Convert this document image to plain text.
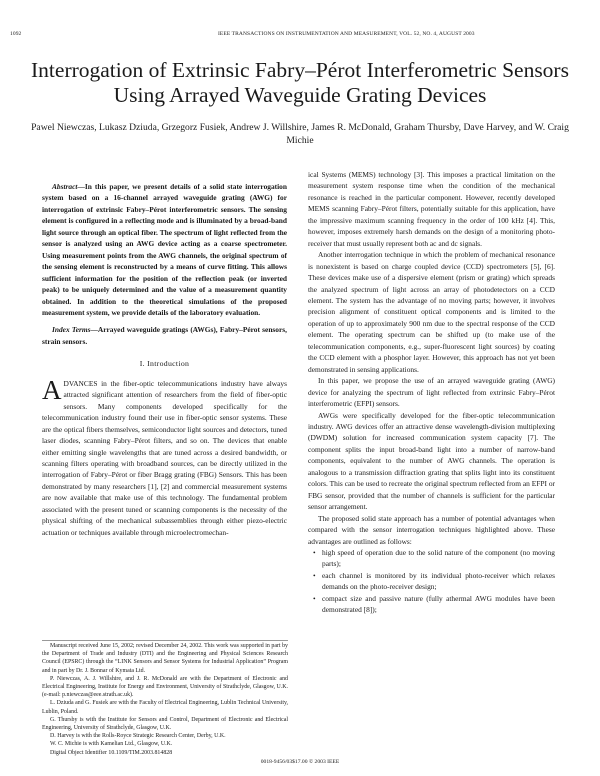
1092	IEEE TRANSACTIONS ON INSTRUMENTATION AND MEASUREMENT, VOL. 52, NO. 4, AUGUST 2003
Interrogation of Extrinsic Fabry–Pérot Interferometric Sensors Using Arrayed Waveguide Grating Devices
Pawel Niewczas, Lukasz Dziuda, Grzegorz Fusiek, Andrew J. Willshire, James R. McDonald, Graham Thursby, Dave Harvey, and W. Craig Michie

Abstract—In this paper, we present details of a solid state interrogation system based on a 16-channel arrayed waveguide grating (AWG) for interrogation of extrinsic Fabry–Pérot interferometric sensors. The sensing element is configured in a reflecting mode and is illuminated by a broad-band light source through an optical fiber. The spectrum of light reflected from the sensor is analyzed using an AWG device acting as a coarse spectrometer. Using measurement points from the AWG channels, the original spectrum of the sensing element is reconstructed by a means of curve fitting. This allows sufficient information for the position of the reflection peak (or inverted peak) to be uniquely determined and the value of a measurement quantity obtained. In addition to the theoretical simulations of the proposed measurement system, we provide details of the laboratory evaluation.

Index Terms—Arrayed waveguide gratings (AWGs), Fabry–Pérot sensors, strain sensors.

I. Introduction

ADVANCES in the fiber-optic telecommunications industry have always attracted significant attention of researchers from the field of fiber-optic sensors. Many components developed specifically for the telecommunication industry found their use in fiber-optic sensor systems. These are the optical fibers themselves, semiconductor light sources and detectors, tuned laser diodes, scanning Fabry–Pérot filters, and so on. The devices that enable either emitting single wavelengths that are tuned across a desired bandwidth, or scanning filters operating with broadband sources, can be directly utilized in the interrogation of Fabry–Pérot or fiber Bragg grating (FBG) Sensors. This has been demonstrated by many researchers [1], [2] and commercial measurement systems are now available that make use of this technology. The fundamental problem associated with the present tuned or scanning components is the necessity of the physical shifting of the mechanical subassemblies through either piezo-electric actuation or techniques available through microelectromechan-

Manuscript received June 15, 2002; revised December 24, 2002. This work was supported in part by the Department of Trade and Industry (DTI) and the Engineering and Physical Sciences Research Council (EPSRC) through the “LINK Sensors and Sensor Systems for Industrial Application” Program and in part by Dr. J. Bonnar of Kymata Ltd.

P. Niewczas, A. J. Willshire, and J. R. McDonald are with the Department of Electronic and Electrical Engineering, Institute for Energy and Environment, University of Strathclyde, Glasgow, U.K. (e-mail: p.niewczas@eee.strath.ac.uk).

L. Dziuda and G. Fusiek are with the Faculty of Electrical Engineering, Lublin Technical University, Lublin, Poland.

G. Thursby is with the Institute for Sensors and Control, Department of Electronic and Electrical Engineering, University of Strathclyde, Glasgow, U.K.

D. Harvey is with the Rolls-Royce Strategic Research Center, Derby, U.K.

W. C. Michie is with Kamelian Ltd., Glasgow, U.K.

Digital Object Identifier 10.1109/TIM.2003.814828

ical Systems (MEMS) technology [3]. This imposes a practical limitation on the measurement system response time when the condition of the mechanical resonance is reached in the particular component. However, recently developed MEMS scanning Fabry–Pérot filters, potentially suitable for this application, have the impressive maximum scanning frequency in the order of 100 kHz [4]. This, however, imposes extremely harsh demands on the design of a monitoring photo-receiver that must usually represent both ac and dc signals.

Another interrogation technique in which the problem of mechanical resonance is nonexistent is based on charge coupled device (CCD) spectrometers [5], [6]. These devices make use of a dispersive element (prism or grating) which spreads the analyzed spectrum of light across an array of photodetectors on a CCD element. The system has the advantage of no moving parts; however, it involves precision alignment of constituent optical components and is limited to the operation of up to approximately 900 nm due to the spectral response of the CCD element. The operating spectrum can be shifted up (to make use of the telecommunication components, e.g., super-fluorescent light sources) by coating the CCD element with a phosphor layer. However, this approach has not yet been demonstrated in sensing applications.

In this paper, we propose the use of an arrayed waveguide grating (AWG) device for analyzing the spectrum of light reflected from extrinsic Fabry–Pérot interferometric (EFPI) sensors.

AWGs were specifically developed for the fiber-optic telecommunication industry. AWG devices offer an attractive dense wavelength-division multiplexing (DWDM) solution for increased communication system capacity [7]. The component splits the input broad-band light into a number of narrow-band components, equivalent to the number of AWG channels. The operation is analogous to a transmission diffraction grating that splits light into its constituent colors. This can be used to recreate the original spectrum reflected from an EFPI or FBG sensor, provided that the number of channels is sufficient for the particular sensor arrangement.

The proposed solid state approach has a number of potential advantages when compared with the sensor interrogation techniques highlighted above. These advantages are outlined as follows:

• high speed of operation due to the solid nature of the component (no moving parts);
• each channel is monitored by its individual photo-receiver which relaxes demands on the photo-receiver design;
• compact size and passive nature (fully athermal AWG modules have been demonstrated [8]);
0018-9456/03$17.00 © 2003 IEEE
